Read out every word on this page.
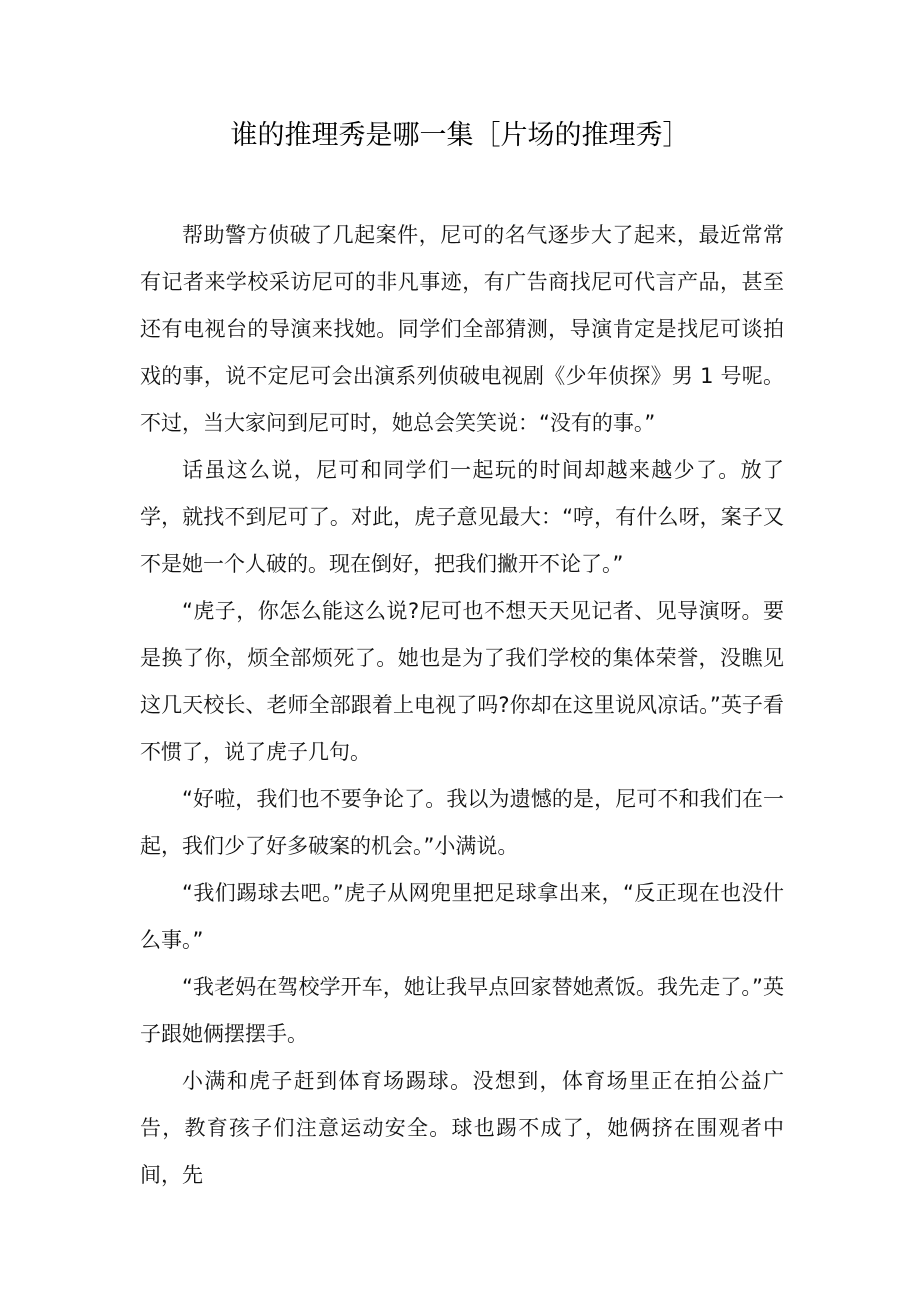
谁的推理秀是哪一集［片场的推理秀］

帮助警方侦破了几起案件，尼可的名气逐步大了起来，最近常常有记者来学校采访尼可的非凡事迹，有广告商找尼可代言产品，甚至还有电视台的导演来找她。同学们全部猜测，导演肯定是找尼可谈拍戏的事，说不定尼可会出演系列侦破电视剧《少年侦探》男 1 号呢。不过，当大家问到尼可时，她总会笑笑说：“没有的事。”

话虽这么说，尼可和同学们一起玩的时间却越来越少了。放了学，就找不到尼可了。对此，虎子意见最大：“哼，有什么呀，案子又不是她一个人破的。现在倒好，把我们撇开不论了。”

“虎子，你怎么能这么说?尼可也不想天天见记者、见导演呀。要是换了你，烦全部烦死了。她也是为了我们学校的集体荣誉，没瞧见这几天校长、老师全部跟着上电视了吗?你却在这里说风凉话。”英子看不惯了，说了虎子几句。

“好啦，我们也不要争论了。我以为遗憾的是，尼可不和我们在一起，我们少了好多破案的机会。”小满说。

“我们踢球去吧。”虎子从网兜里把足球拿出来，“反正现在也没什么事。”

“我老妈在驾校学开车，她让我早点回家替她煮饭。我先走了。”英子跟她俩摆摆手。

小满和虎子赶到体育场踢球。没想到，体育场里正在拍公益广告，教育孩子们注意运动安全。球也踢不成了，她俩挤在围观者中间，先
